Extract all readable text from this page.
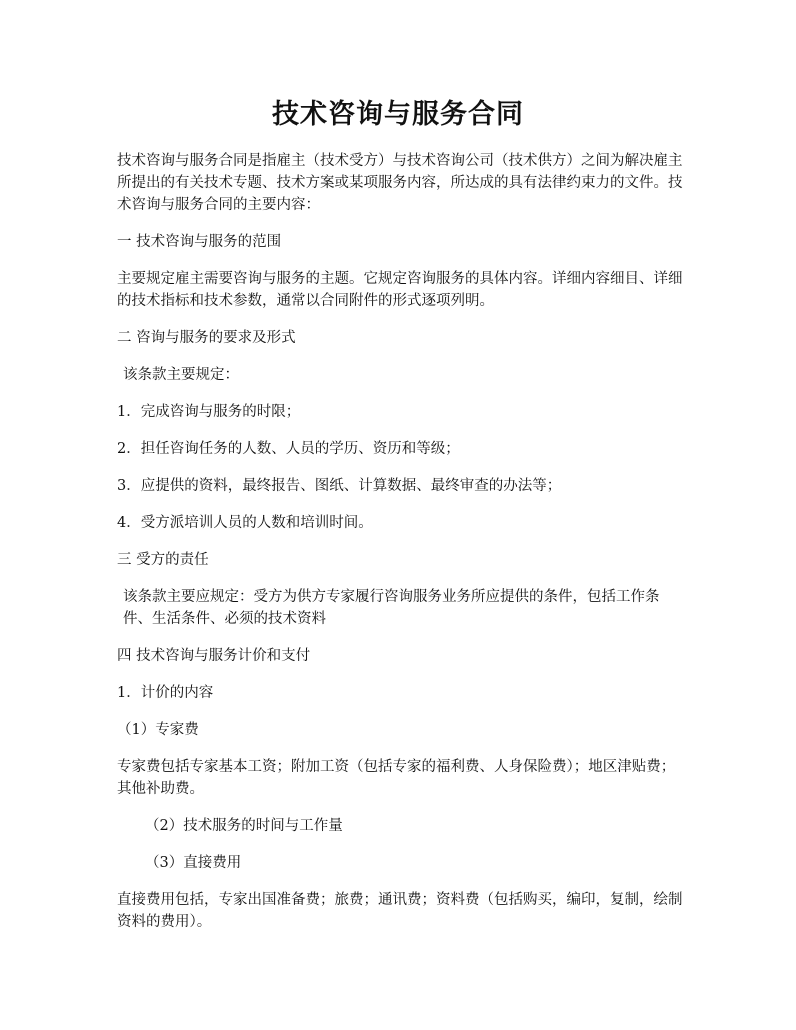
技术咨询与服务合同

技术咨询与服务合同是指雇主（技术受方）与技术咨询公司（技术供方）之间为解决雇主所提出的有关技术专题、技术方案或某项服务内容，所达成的具有法律约束力的文件。技术咨询与服务合同的主要内容：

一 技术咨询与服务的范围

主要规定雇主需要咨询与服务的主题。它规定咨询服务的具体内容。详细内容细目、详细的技术指标和技术参数，通常以合同附件的形式逐项列明。

二 咨询与服务的要求及形式

该条款主要规定：

1．完成咨询与服务的时限；

2．担任咨询任务的人数、人员的学历、资历和等级；

3．应提供的资料，最终报告、图纸、计算数据、最终审查的办法等；

4．受方派培训人员的人数和培训时间。

三 受方的责任

该条款主要应规定：受方为供方专家履行咨询服务业务所应提供的条件，包括工作条 件、生活条件、必须的技术资料

四 技术咨询与服务计价和支付

1．计价的内容

（1）专家费

专家费包括专家基本工资；附加工资（包括专家的福利费、人身保险费）；地区津贴费；其他补助费。

（2）技术服务的时间与工作量

（3）直接费用

直接费用包括，专家出国准备费；旅费；通讯费；资料费（包括购买，编印，复制，绘制资料的费用）。
